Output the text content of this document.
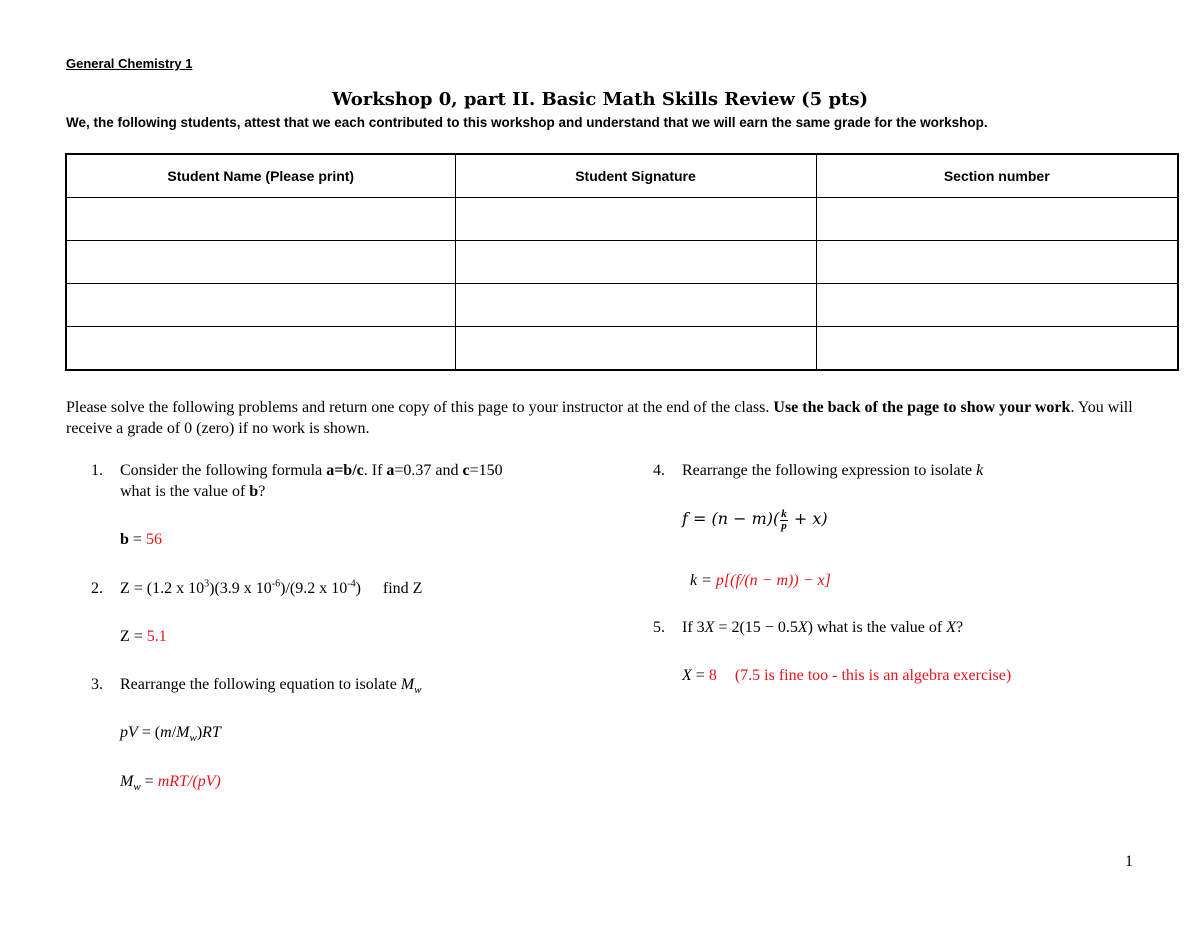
General Chemistry 1
Workshop 0, part II. Basic Math Skills Review (5 pts)
We, the following students, attest that we each contributed to this workshop and understand that we will earn the same grade for the workshop.
Student Name (Please print)	Student Signature	Section number

Please solve the following problems and return one copy of this page to your instructor at the end of the class. Use the back of the page to show your work. You will receive a grade of 0 (zero) if no work is shown.
1. Consider the following formula a=b/c. If a=0.37 and c=150
what is the value of b?
b = 56
2. Z = (1.2 x $10^3)(3.9$ x $10^{-6})/(9.2$ x $10^{-4}$) find Z
Z = 5.1
3. Rearrange the following equation to isolate $M_w$
pV = $(m/M_w)RT$
$M_w = mRT/(pV)$
4. Rearrange the following expression to isolate k
$f = (n - m)( \frac{k}{p} + x)$
k = p[(f/(n − m)) − x]
5. If 3X = 2(15 − 0.5X) what is the value of X?
X = 8 (7.5 is fine too - this is an algebra exercise)
1
